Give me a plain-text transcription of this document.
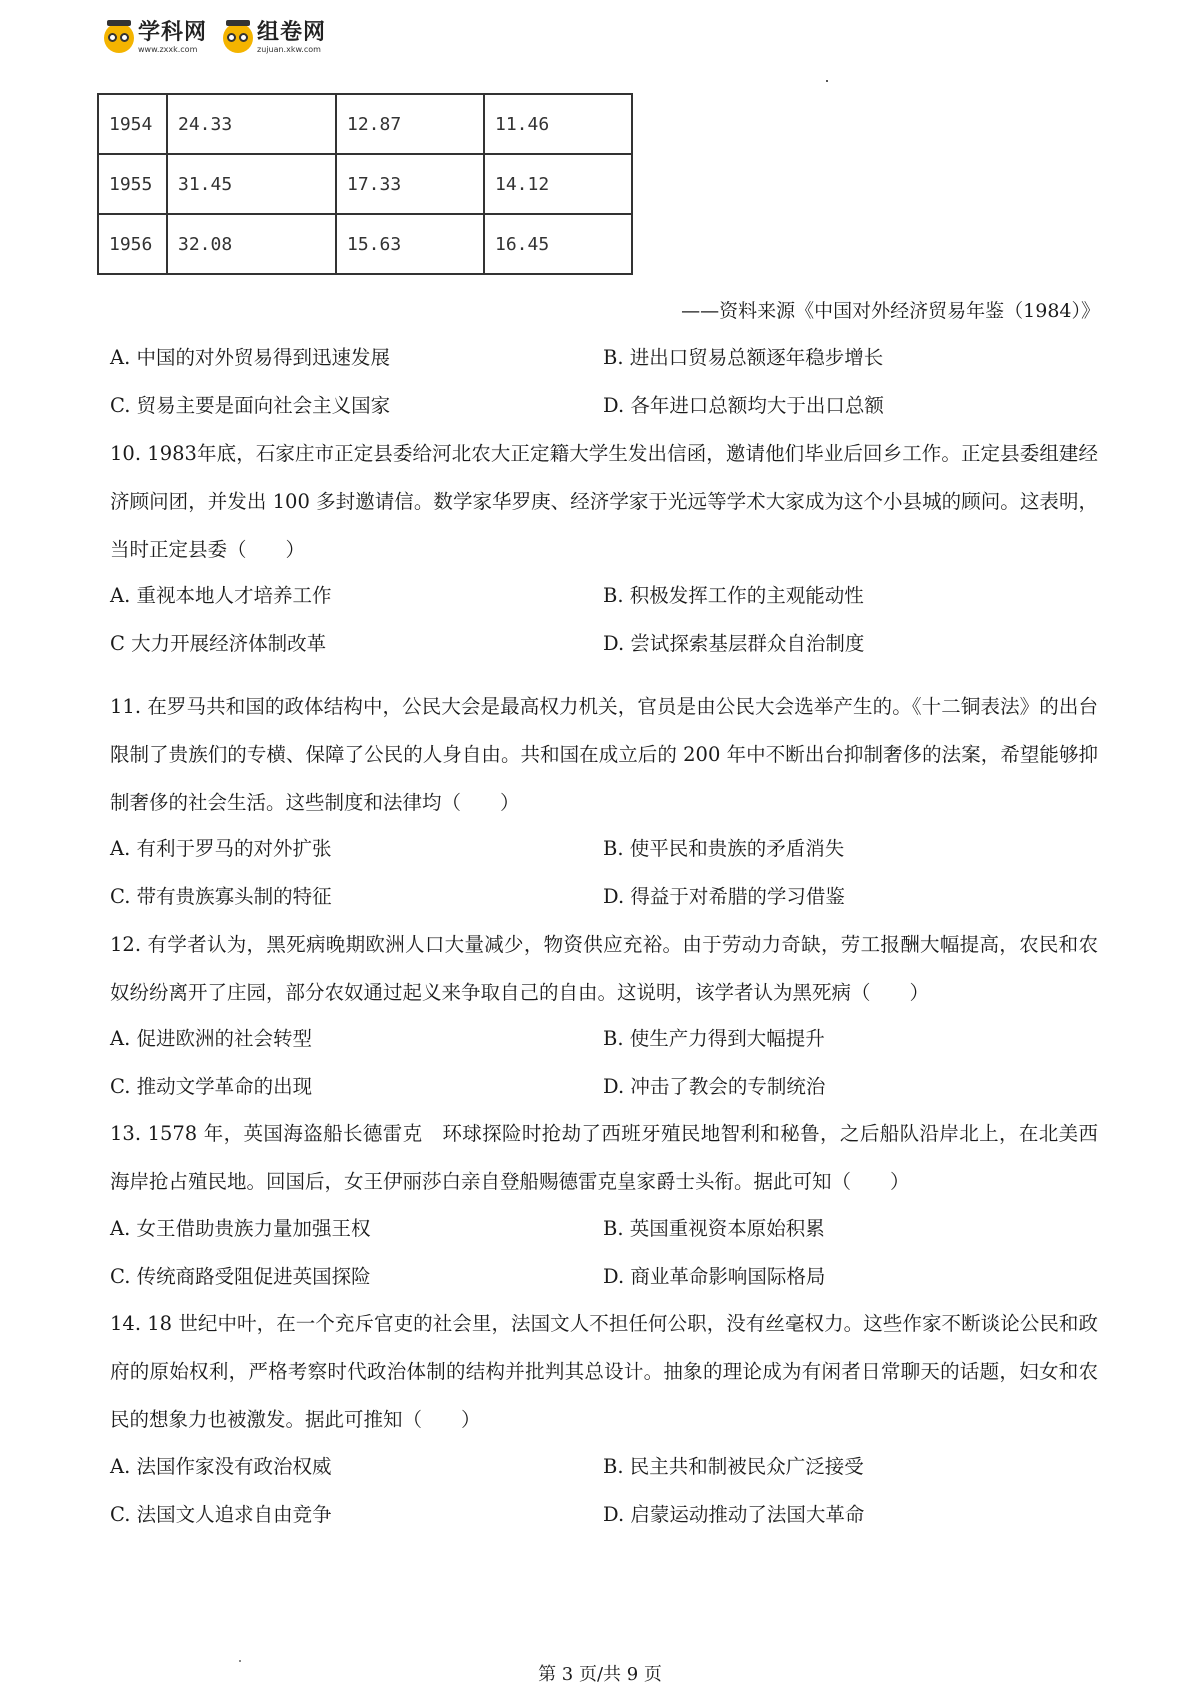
学科网
www.zxxk.com
组卷网
zujuan.xkw.com
1954	24.33	12.87	11.46
1955	31.45	17.33	14.12
1956	32.08	15.63	16.45
——资料来源《中国对外经济贸易年鉴（1984）》
A. 中国的对外贸易得到迅速发展	B. 进出口贸易总额逐年稳步增长
C. 贸易主要是面向社会主义国家	D. 各年进口总额均大于出口总额
10. 1983年底，石家庄市正定县委给河北农大正定籍大学生发出信函，邀请他们毕业后回乡工作。正定县委组建经济顾问团，并发出 100 多封邀请信。数学家华罗庚、经济学家于光远等学术大家成为这个小县城的顾问。这表明，当时正定县委（　　）
A. 重视本地人才培养工作	B. 积极发挥工作的主观能动性
C 大力开展经济体制改革	D. 尝试探索基层群众自治制度
11. 在罗马共和国的政体结构中，公民大会是最高权力机关，官员是由公民大会选举产生的。《十二铜表法》的出台限制了贵族们的专横、保障了公民的人身自由。共和国在成立后的 200 年中不断出台抑制奢侈的法案，希望能够抑制奢侈的社会生活。这些制度和法律均（　　）
A. 有利于罗马的对外扩张	B. 使平民和贵族的矛盾消失
C. 带有贵族寡头制的特征	D. 得益于对希腊的学习借鉴
12. 有学者认为，黑死病晚期欧洲人口大量减少，物资供应充裕。由于劳动力奇缺，劳工报酬大幅提高，农民和农奴纷纷离开了庄园，部分农奴通过起义来争取自己的自由。这说明，该学者认为黑死病（　　）
A. 促进欧洲的社会转型	B. 使生产力得到大幅提升
C. 推动文学革命的出现	D. 冲击了教会的专制统治
13. 1578 年，英国海盗船长德雷克　环球探险时抢劫了西班牙殖民地智利和秘鲁，之后船队沿岸北上，在北美西海岸抢占殖民地。回国后，女王伊丽莎白亲自登船赐德雷克皇家爵士头衔。据此可知（　　）
A. 女王借助贵族力量加强王权	B. 英国重视资本原始积累
C. 传统商路受阻促进英国探险	D. 商业革命影响国际格局
14. 18 世纪中叶，在一个充斥官吏的社会里，法国文人不担任何公职，没有丝毫权力。这些作家不断谈论公民和政府的原始权利，严格考察时代政治体制的结构并批判其总设计。抽象的理论成为有闲者日常聊天的话题，妇女和农民的想象力也被激发。据此可推知（　　）
A. 法国作家没有政治权威	B. 民主共和制被民众广泛接受
C. 法国文人追求自由竞争	D. 启蒙运动推动了法国大革命
第 3 页/共 9 页
